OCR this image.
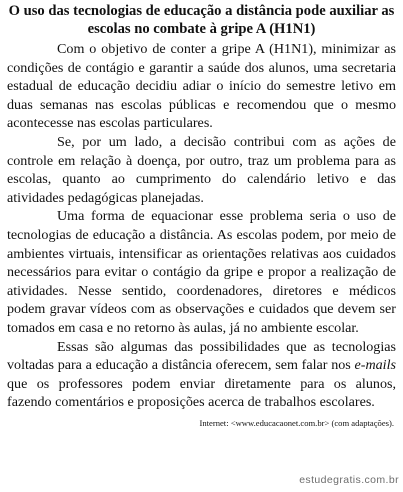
O uso das tecnologias de educação a distância pode auxiliar as escolas no combate à gripe A (H1N1)

Com o objetivo de conter a gripe A (H1N1), minimizar as condições de contágio e garantir a saúde dos alunos, uma secretaria estadual de educação decidiu adiar o início do semestre letivo em duas semanas nas escolas públicas e recomendou que o mesmo acontecesse nas escolas particulares.

Se, por um lado, a decisão contribui com as ações de controle em relação à doença, por outro, traz um problema para as escolas, quanto ao cumprimento do calendário letivo e das atividades pedagógicas planejadas.

Uma forma de equacionar esse problema seria o uso de tecnologias de educação a distância. As escolas podem, por meio de ambientes virtuais, intensificar as orientações relativas aos cuidados necessários para evitar o contágio da gripe e propor a realização de atividades. Nesse sentido, coordenadores, diretores e médicos podem gravar vídeos com as observações e cuidados que devem ser tomados em casa e no retorno às aulas, já no ambiente escolar.

Essas são algumas das possibilidades que as tecnologias voltadas para a educação a distância oferecem, sem falar nos e-mails que os professores podem enviar diretamente para os alunos, fazendo comentários e proposições acerca de trabalhos escolares.

Internet: <www.educacaonet.com.br> (com adaptações).
estudegratis.com.br
